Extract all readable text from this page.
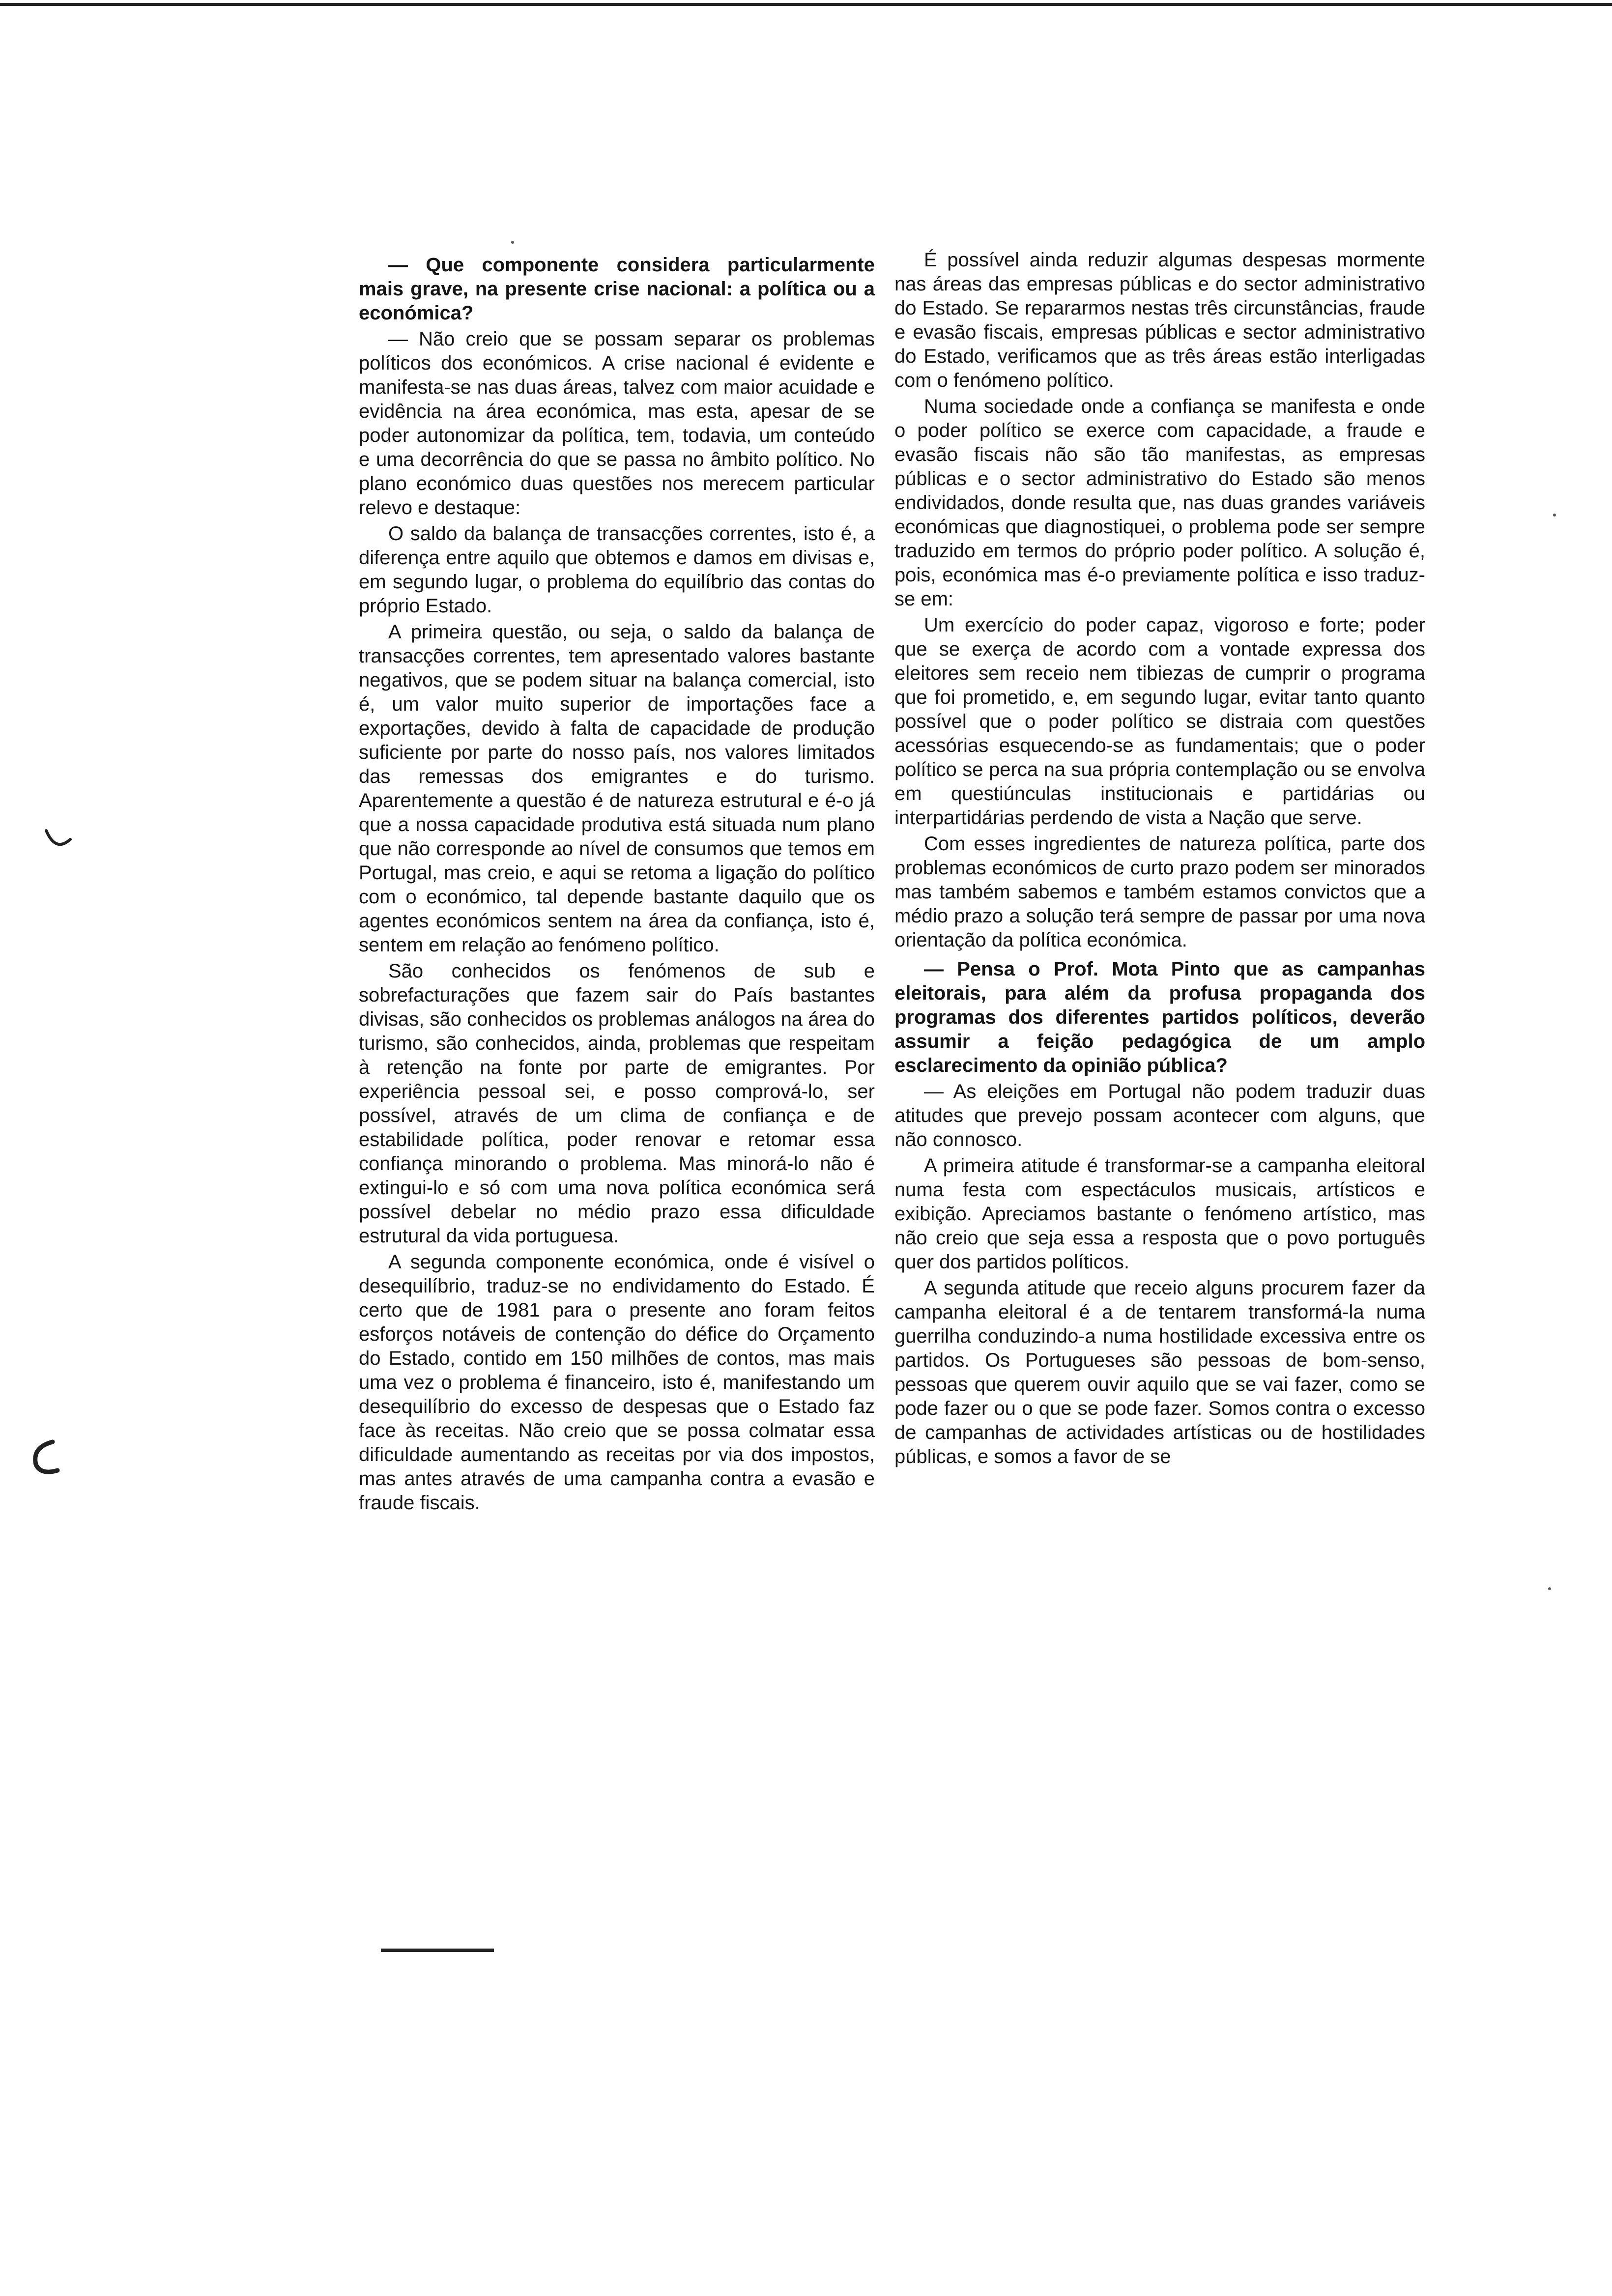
— Que componente considera particularmente mais grave, na presente crise nacional: a política ou a económica?

— Não creio que se possam separar os problemas políticos dos económicos. A crise nacional é evidente e manifesta-se nas duas áreas, talvez com maior acuidade e evidência na área económica, mas esta, apesar de se poder autonomizar da política, tem, todavia, um conteúdo e uma decorrência do que se passa no âmbito político. No plano económico duas questões nos merecem particular relevo e destaque:

O saldo da balança de transacções correntes, isto é, a diferença entre aquilo que obtemos e damos em divisas e, em segundo lugar, o problema do equilíbrio das contas do próprio Estado.

A primeira questão, ou seja, o saldo da balança de transacções correntes, tem apresentado valores bastante negativos, que se podem situar na balança comercial, isto é, um valor muito superior de importações face a exportações, devido à falta de capacidade de produção suficiente por parte do nosso país, nos valores limitados das remessas dos emigrantes e do turismo. Aparentemente a questão é de natureza estrutural e é-o já que a nossa capacidade produtiva está situada num plano que não corresponde ao nível de consumos que temos em Portugal, mas creio, e aqui se retoma a ligação do político com o económico, tal depende bastante daquilo que os agentes económicos sentem na área da confiança, isto é, sentem em relação ao fenómeno político.

São conhecidos os fenómenos de sub e sobrefacturações que fazem sair do País bastantes divisas, são conhecidos os problemas análogos na área do turismo, são conhecidos, ainda, problemas que respeitam à retenção na fonte por parte de emigrantes. Por experiência pessoal sei, e posso comprová-lo, ser possível, através de um clima de confiança e de estabilidade política, poder renovar e retomar essa confiança minorando o problema. Mas minorá-lo não é extingui-lo e só com uma nova política económica será possível debelar no médio prazo essa dificuldade estrutural da vida portuguesa.

A segunda componente económica, onde é visível o desequilíbrio, traduz-se no endividamento do Estado. É certo que de 1981 para o presente ano foram feitos esforços notáveis de contenção do défice do Orçamento do Estado, contido em 150 milhões de contos, mas mais uma vez o problema é financeiro, isto é, manifestando um desequilíbrio do excesso de despesas que o Estado faz face às receitas. Não creio que se possa colmatar essa dificuldade aumentando as receitas por via dos impostos, mas antes através de uma campanha contra a evasão e fraude fiscais.

É possível ainda reduzir algumas despesas mormente nas áreas das empresas públicas e do sector administrativo do Estado. Se repararmos nestas três circunstâncias, fraude e evasão fiscais, empresas públicas e sector administrativo do Estado, verificamos que as três áreas estão interligadas com o fenómeno político.

Numa sociedade onde a confiança se manifesta e onde o poder político se exerce com capacidade, a fraude e evasão fiscais não são tão manifestas, as empresas públicas e o sector administrativo do Estado são menos endividados, donde resulta que, nas duas grandes variáveis económicas que diagnostiquei, o problema pode ser sempre traduzido em termos do próprio poder político. A solução é, pois, económica mas é-o previamente política e isso traduz-se em:

Um exercício do poder capaz, vigoroso e forte; poder que se exerça de acordo com a vontade expressa dos eleitores sem receio nem tibiezas de cumprir o programa que foi prometido, e, em segundo lugar, evitar tanto quanto possível que o poder político se distraia com questões acessórias esquecendo-se as fundamentais; que o poder político se perca na sua própria contemplação ou se envolva em questiúnculas institucionais e partidárias ou interpartidárias perdendo de vista a Nação que serve.

Com esses ingredientes de natureza política, parte dos problemas económicos de curto prazo podem ser minorados mas também sabemos e também estamos convictos que a médio prazo a solução terá sempre de passar por uma nova orientação da política económica.

— Pensa o Prof. Mota Pinto que as campanhas eleitorais, para além da profusa propaganda dos programas dos diferentes partidos políticos, deverão assumir a feição pedagógica de um amplo esclarecimento da opinião pública?

— As eleições em Portugal não podem traduzir duas atitudes que prevejo possam acontecer com alguns, que não connosco.

A primeira atitude é transformar-se a campanha eleitoral numa festa com espectáculos musicais, artísticos e exibição. Apreciamos bastante o fenómeno artístico, mas não creio que seja essa a resposta que o povo português quer dos partidos políticos.

A segunda atitude que receio alguns procurem fazer da campanha eleitoral é a de tentarem transformá-la numa guerrilha conduzindo-a numa hostilidade excessiva entre os partidos. Os Portugueses são pessoas de bom-senso, pessoas que querem ouvir aquilo que se vai fazer, como se pode fazer ou o que se pode fazer. Somos contra o excesso de campanhas de actividades artísticas ou de hostilidades públicas, e somos a favor de se
